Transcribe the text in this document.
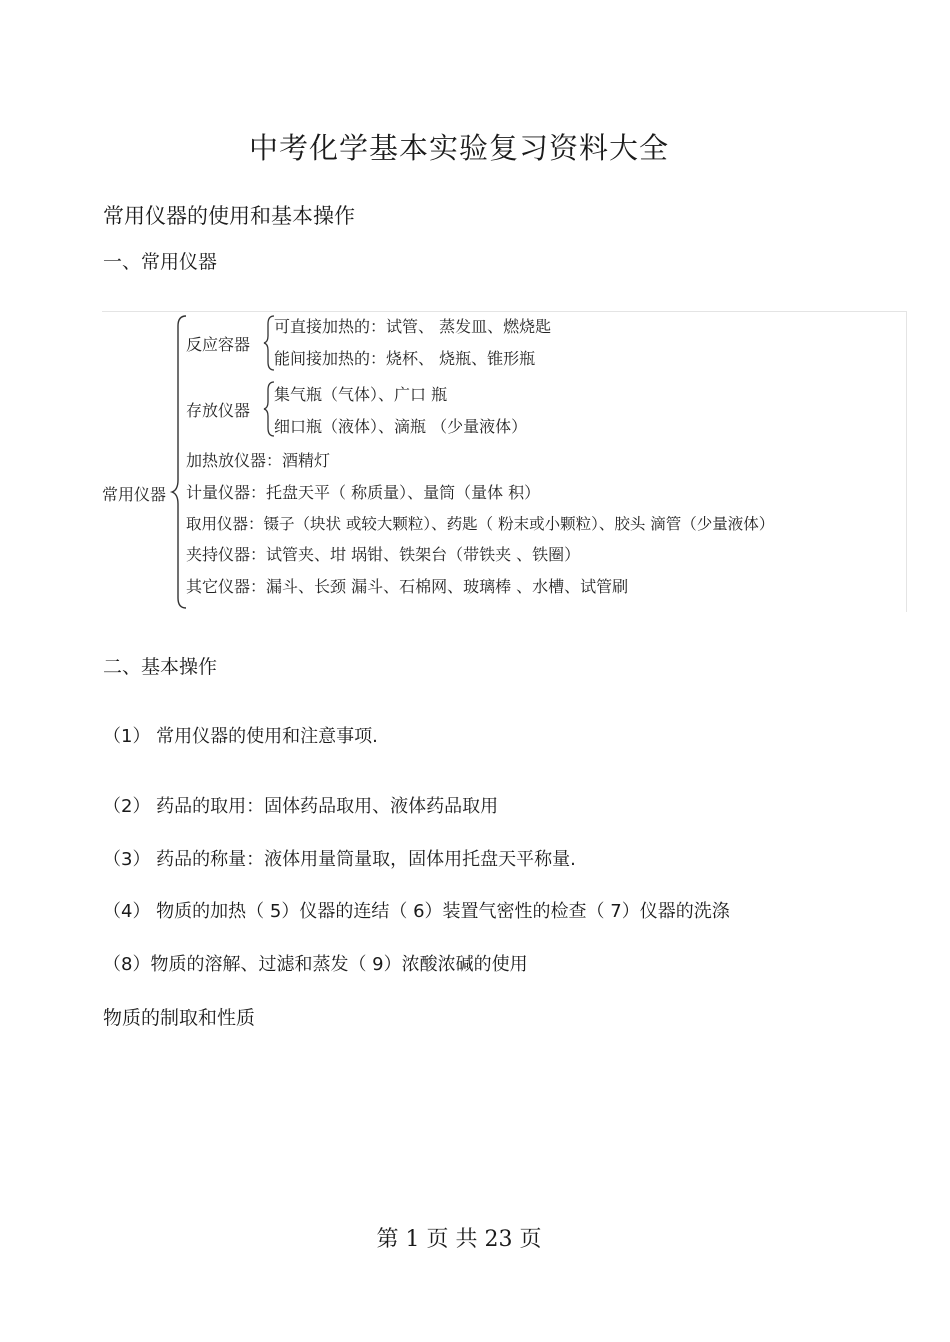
中考化学基本实验复习资料大全
常用仪器的使用和基本操作
一、常用仪器
常用仪器
反应容器
可直接加热的：试管、 蒸发皿、燃烧匙
能间接加热的：烧杯、 烧瓶、锥形瓶
存放仪器
集气瓶（气体）、广口 瓶
细口瓶（液体）、滴瓶 （少量液体）
加热放仪器：酒精灯
计量仪器：托盘天平（ 称质量）、量筒（量体 积）
取用仪器：镊子（块状 或较大颗粒）、药匙（ 粉末或小颗粒）、胶头 滴管（少量液体）
夹持仪器：试管夹、坩 埚钳、铁架台（带铁夹 、铁圈）
其它仪器：漏斗、长颈 漏斗、石棉网、玻璃棒 、水槽、试管刷
二、基本操作
（1） 常用仪器的使用和注意事项.
（2） 药品的取用：固体药品取用、液体药品取用
（3） 药品的称量：液体用量筒量取，固体用托盘天平称量.
（4） 物质的加热（ 5）仪器的连结（ 6）装置气密性的检查（ 7）仪器的洗涤
（8）物质的溶解、过滤和蒸发（ 9）浓酸浓碱的使用
物质的制取和性质
第 1 页 共 23 页
